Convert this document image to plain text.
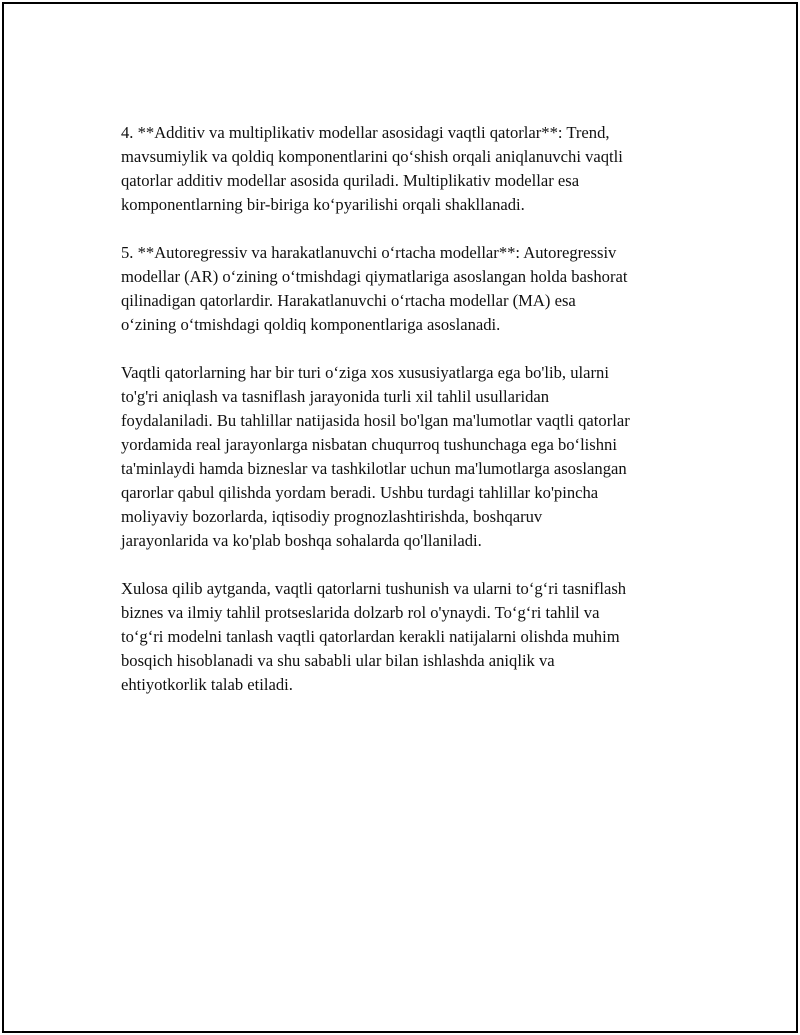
4. **Additiv va multiplikativ modellar asosidagi vaqtli qatorlar**: Trend,
mavsumiylik va qoldiq komponentlarini qo‘shish orqali aniqlanuvchi vaqtli
qatorlar additiv modellar asosida quriladi. Multiplikativ modellar esa
komponentlarning bir-biriga ko‘pyarilishi orqali shakllanadi.

5. **Autoregressiv va harakatlanuvchi o‘rtacha modellar**: Autoregressiv
modellar (AR) o‘zining o‘tmishdagi qiymatlariga asoslangan holda bashorat
qilinadigan qatorlardir. Harakatlanuvchi o‘rtacha modellar (MA) esa
o‘zining o‘tmishdagi qoldiq komponentlariga asoslanadi.

Vaqtli qatorlarning har bir turi o‘ziga xos xususiyatlarga ega bo'lib, ularni
to'g'ri aniqlash va tasniflash jarayonida turli xil tahlil usullaridan
foydalaniladi. Bu tahlillar natijasida hosil bo'lgan ma'lumotlar vaqtli qatorlar
yordamida real jarayonlarga nisbatan chuqurroq tushunchaga ega bo‘lishni
ta'minlaydi hamda bizneslar va tashkilotlar uchun ma'lumotlarga asoslangan
qarorlar qabul qilishda yordam beradi. Ushbu turdagi tahlillar ko'pincha
moliyaviy bozorlarda, iqtisodiy prognozlashtirishda, boshqaruv
jarayonlarida va ko'plab boshqa sohalarda qo'llaniladi.

Xulosa qilib aytganda, vaqtli qatorlarni tushunish va ularni to‘g‘ri tasniflash
biznes va ilmiy tahlil protseslarida dolzarb rol o'ynaydi. To‘g‘ri tahlil va
to‘g‘ri modelni tanlash vaqtli qatorlardan kerakli natijalarni olishda muhim
bosqich hisoblanadi va shu sababli ular bilan ishlashda aniqlik va
ehtiyotkorlik talab etiladi.
